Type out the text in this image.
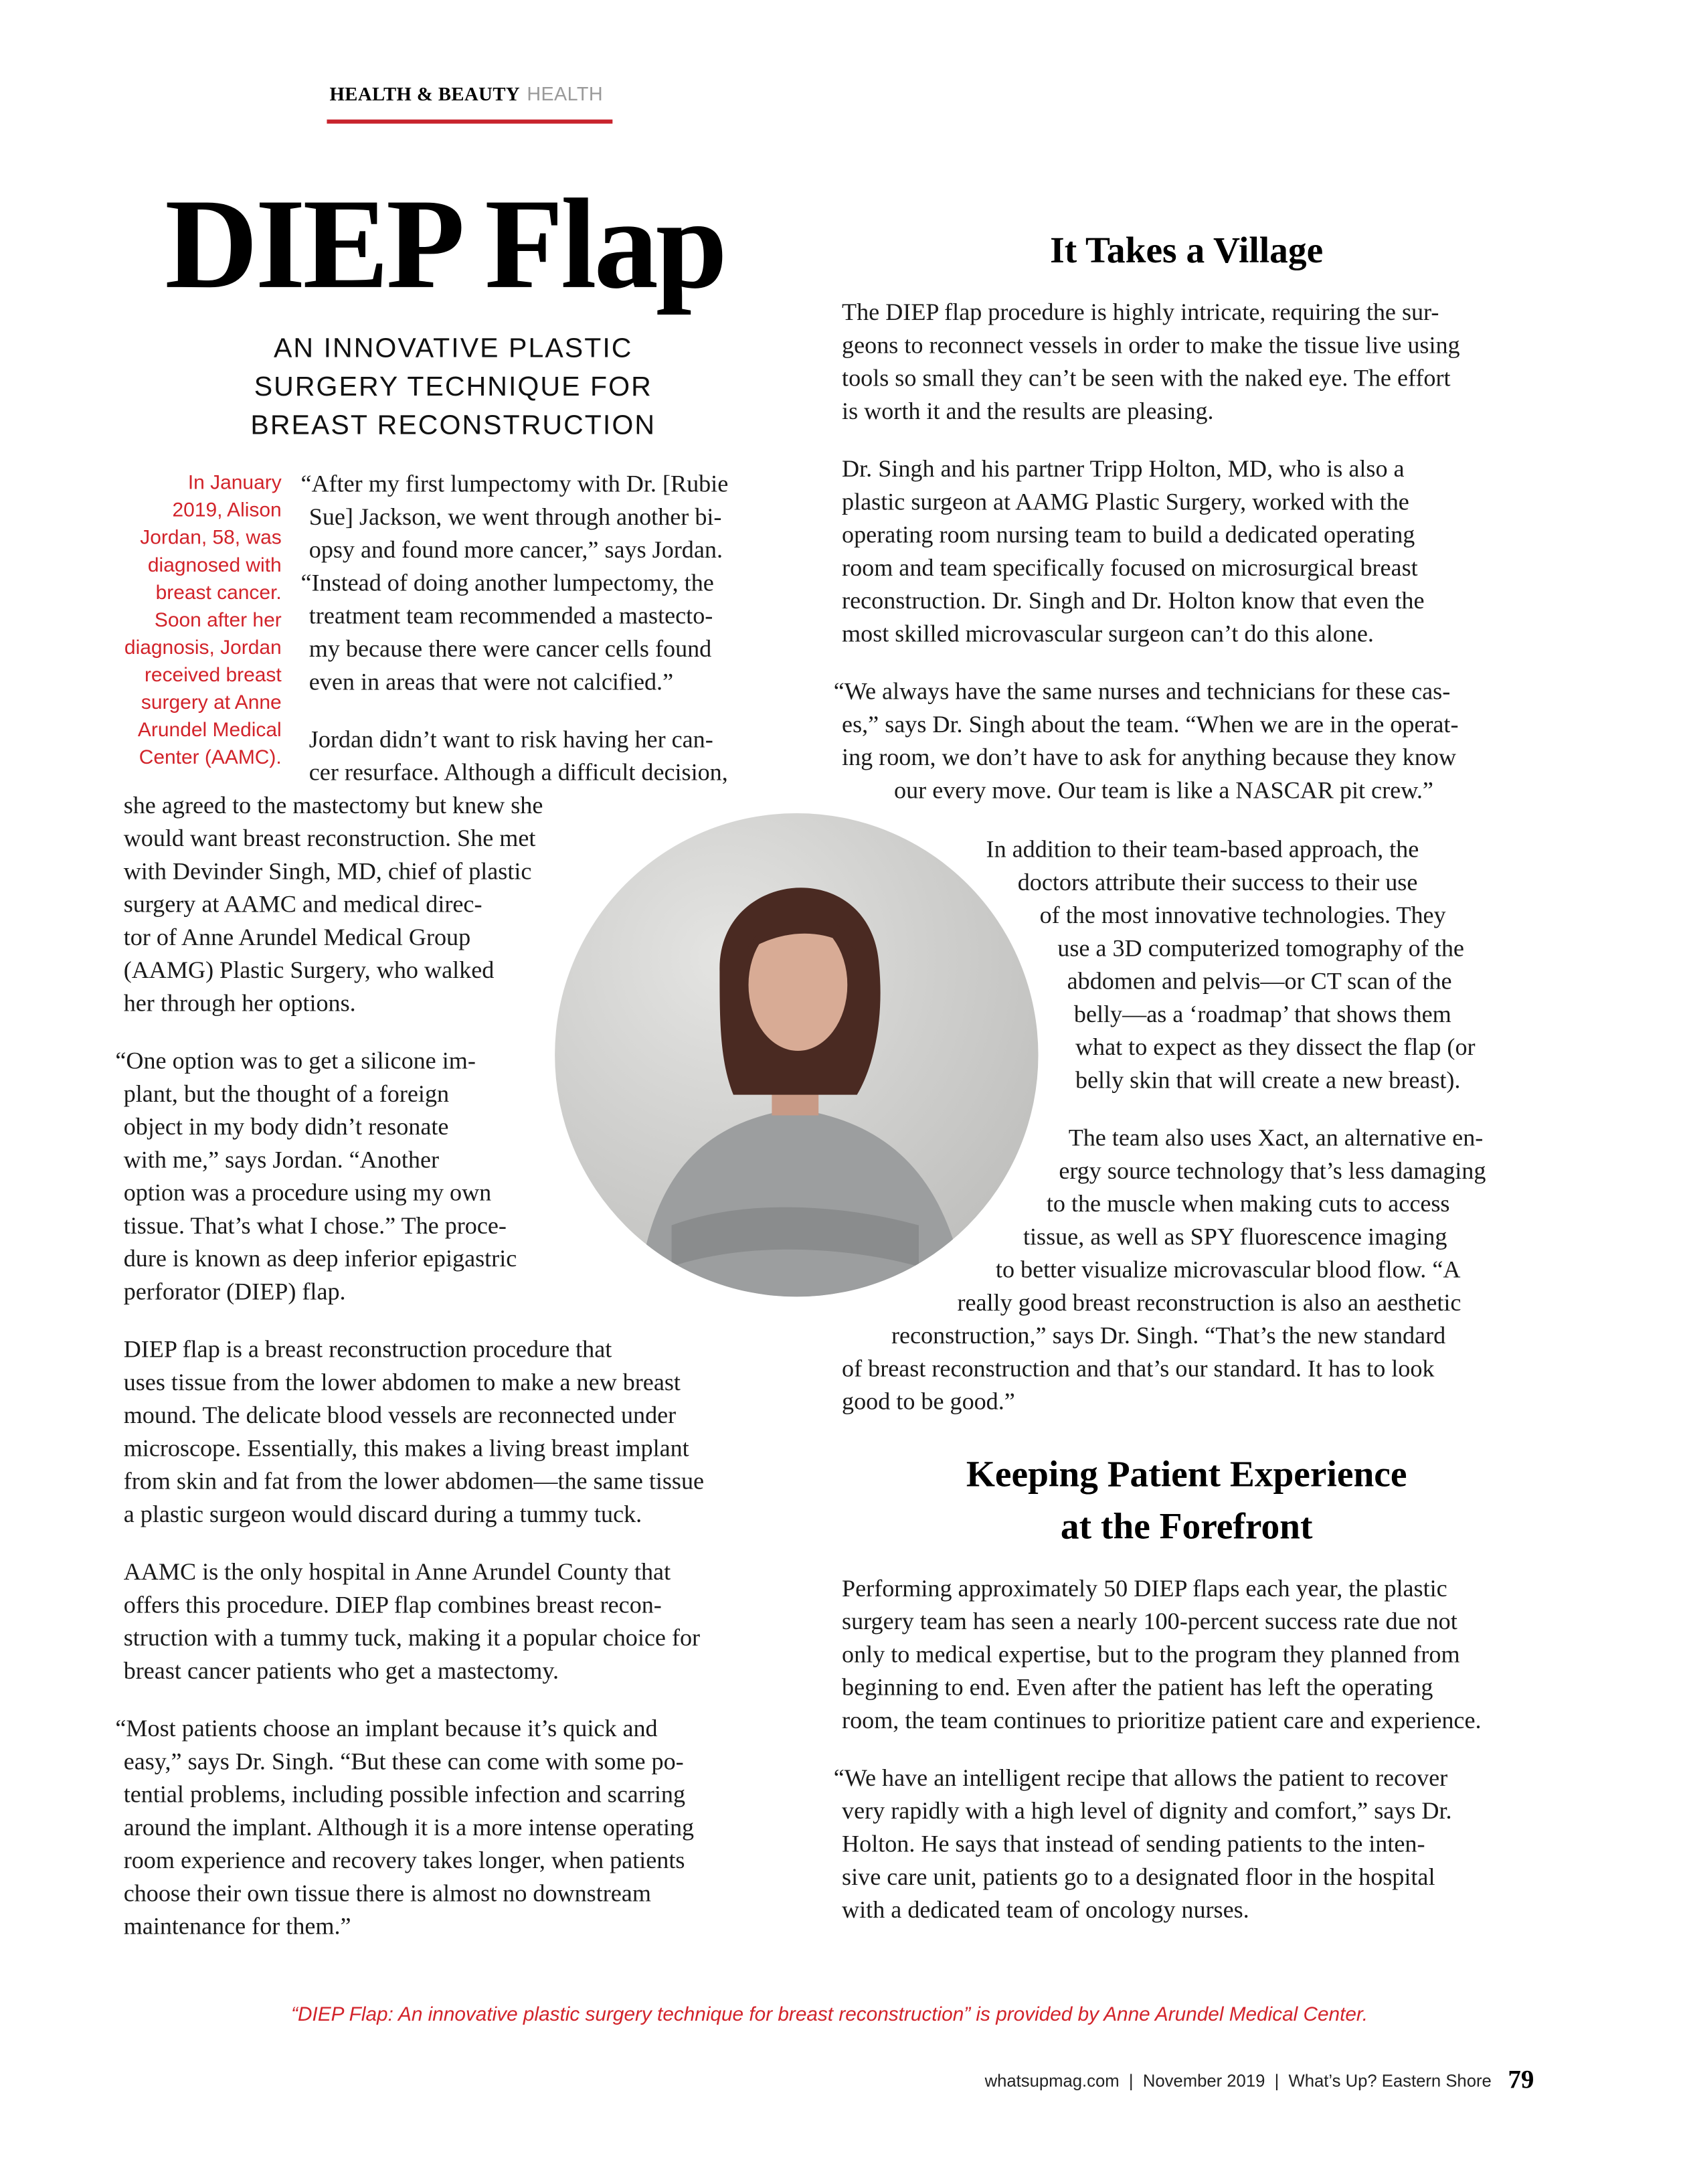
HEALTH & BEAUTY HEALTH
DIEP Flap
AN INNOVATIVE PLASTIC
SURGERY TECHNIQUE FOR
BREAST RECONSTRUCTION
In January
2019, Alison
Jordan, 58, was
diagnosed with
breast cancer.
Soon after her
diagnosis, Jordan
received breast
surgery at Anne
Arundel Medical
Center (AAMC).
It Takes a Village
Keeping Patient Experience
at the Forefront
“After my first lumpectomy with Dr. [Rubie
Sue] Jackson, we went through another bi-
opsy and found more cancer,” says Jordan.
“Instead of doing another lumpectomy, the
treatment team recommended a mastecto-
my because there were cancer cells found
even in areas that were not calcified.”
Jordan didn’t want to risk having her can-
cer resurface. Although a difficult decision,
she agreed to the mastectomy but knew she
would want breast reconstruction. She met
with Devinder Singh, MD, chief of plastic
surgery at AAMC and medical direc-
tor of Anne Arundel Medical Group
(AAMG) Plastic Surgery, who walked
her through her options.
“One option was to get a silicone im-
plant, but the thought of a foreign
object in my body didn’t resonate
with me,” says Jordan. “Another
option was a procedure using my own
tissue. That’s what I chose.” The proce-
dure is known as deep inferior epigastric
perforator (DIEP) flap.
DIEP flap is a breast reconstruction procedure that
uses tissue from the lower abdomen to make a new breast
mound. The delicate blood vessels are reconnected under
microscope. Essentially, this makes a living breast implant
from skin and fat from the lower abdomen—the same tissue
a plastic surgeon would discard during a tummy tuck.
AAMC is the only hospital in Anne Arundel County that
offers this procedure. DIEP flap combines breast recon-
struction with a tummy tuck, making it a popular choice for
breast cancer patients who get a mastectomy.
“Most patients choose an implant because it’s quick and
easy,” says Dr. Singh. “But these can come with some po-
tential problems, including possible infection and scarring
around the implant. Although it is a more intense operating
room experience and recovery takes longer, when patients
choose their own tissue there is almost no downstream
maintenance for them.”
The DIEP flap procedure is highly intricate, requiring the sur-
geons to reconnect vessels in order to make the tissue live using
tools so small they can’t be seen with the naked eye. The effort
is worth it and the results are pleasing.
Dr. Singh and his partner Tripp Holton, MD, who is also a
plastic surgeon at AAMG Plastic Surgery, worked with the
operating room nursing team to build a dedicated operating
room and team specifically focused on microsurgical breast
reconstruction. Dr. Singh and Dr. Holton know that even the
most skilled microvascular surgeon can’t do this alone.
“We always have the same nurses and technicians for these cas-
es,” says Dr. Singh about the team. “When we are in the operat-
ing room, we don’t have to ask for anything because they know
our every move. Our team is like a NASCAR pit crew.”
In addition to their team-based approach, the
doctors attribute their success to their use
of the most innovative technologies. They
use a 3D computerized tomography of the
abdomen and pelvis—or CT scan of the
belly—as a ‘roadmap’ that shows them
what to expect as they dissect the flap (or
belly skin that will create a new breast).
The team also uses Xact, an alternative en-
ergy source technology that’s less damaging
to the muscle when making cuts to access
tissue, as well as SPY fluorescence imaging
to better visualize microvascular blood flow. “A
really good breast reconstruction is also an aesthetic
reconstruction,” says Dr. Singh. “That’s the new standard
of breast reconstruction and that’s our standard. It has to look
good to be good.”
Performing approximately 50 DIEP flaps each year, the plastic
surgery team has seen a nearly 100-percent success rate due not
only to medical expertise, but to the program they planned from
beginning to end. Even after the patient has left the operating
room, the team continues to prioritize patient care and experience.
“We have an intelligent recipe that allows the patient to recover
very rapidly with a high level of dignity and comfort,” says Dr.
Holton. He says that instead of sending patients to the inten-
sive care unit, patients go to a designated floor in the hospital
with a dedicated team of oncology nurses.
“DIEP Flap: An innovative plastic surgery technique for breast reconstruction” is provided by Anne Arundel Medical Center.
whatsupmag.com  |  November 2019  |  What’s Up? Eastern Shore 79
